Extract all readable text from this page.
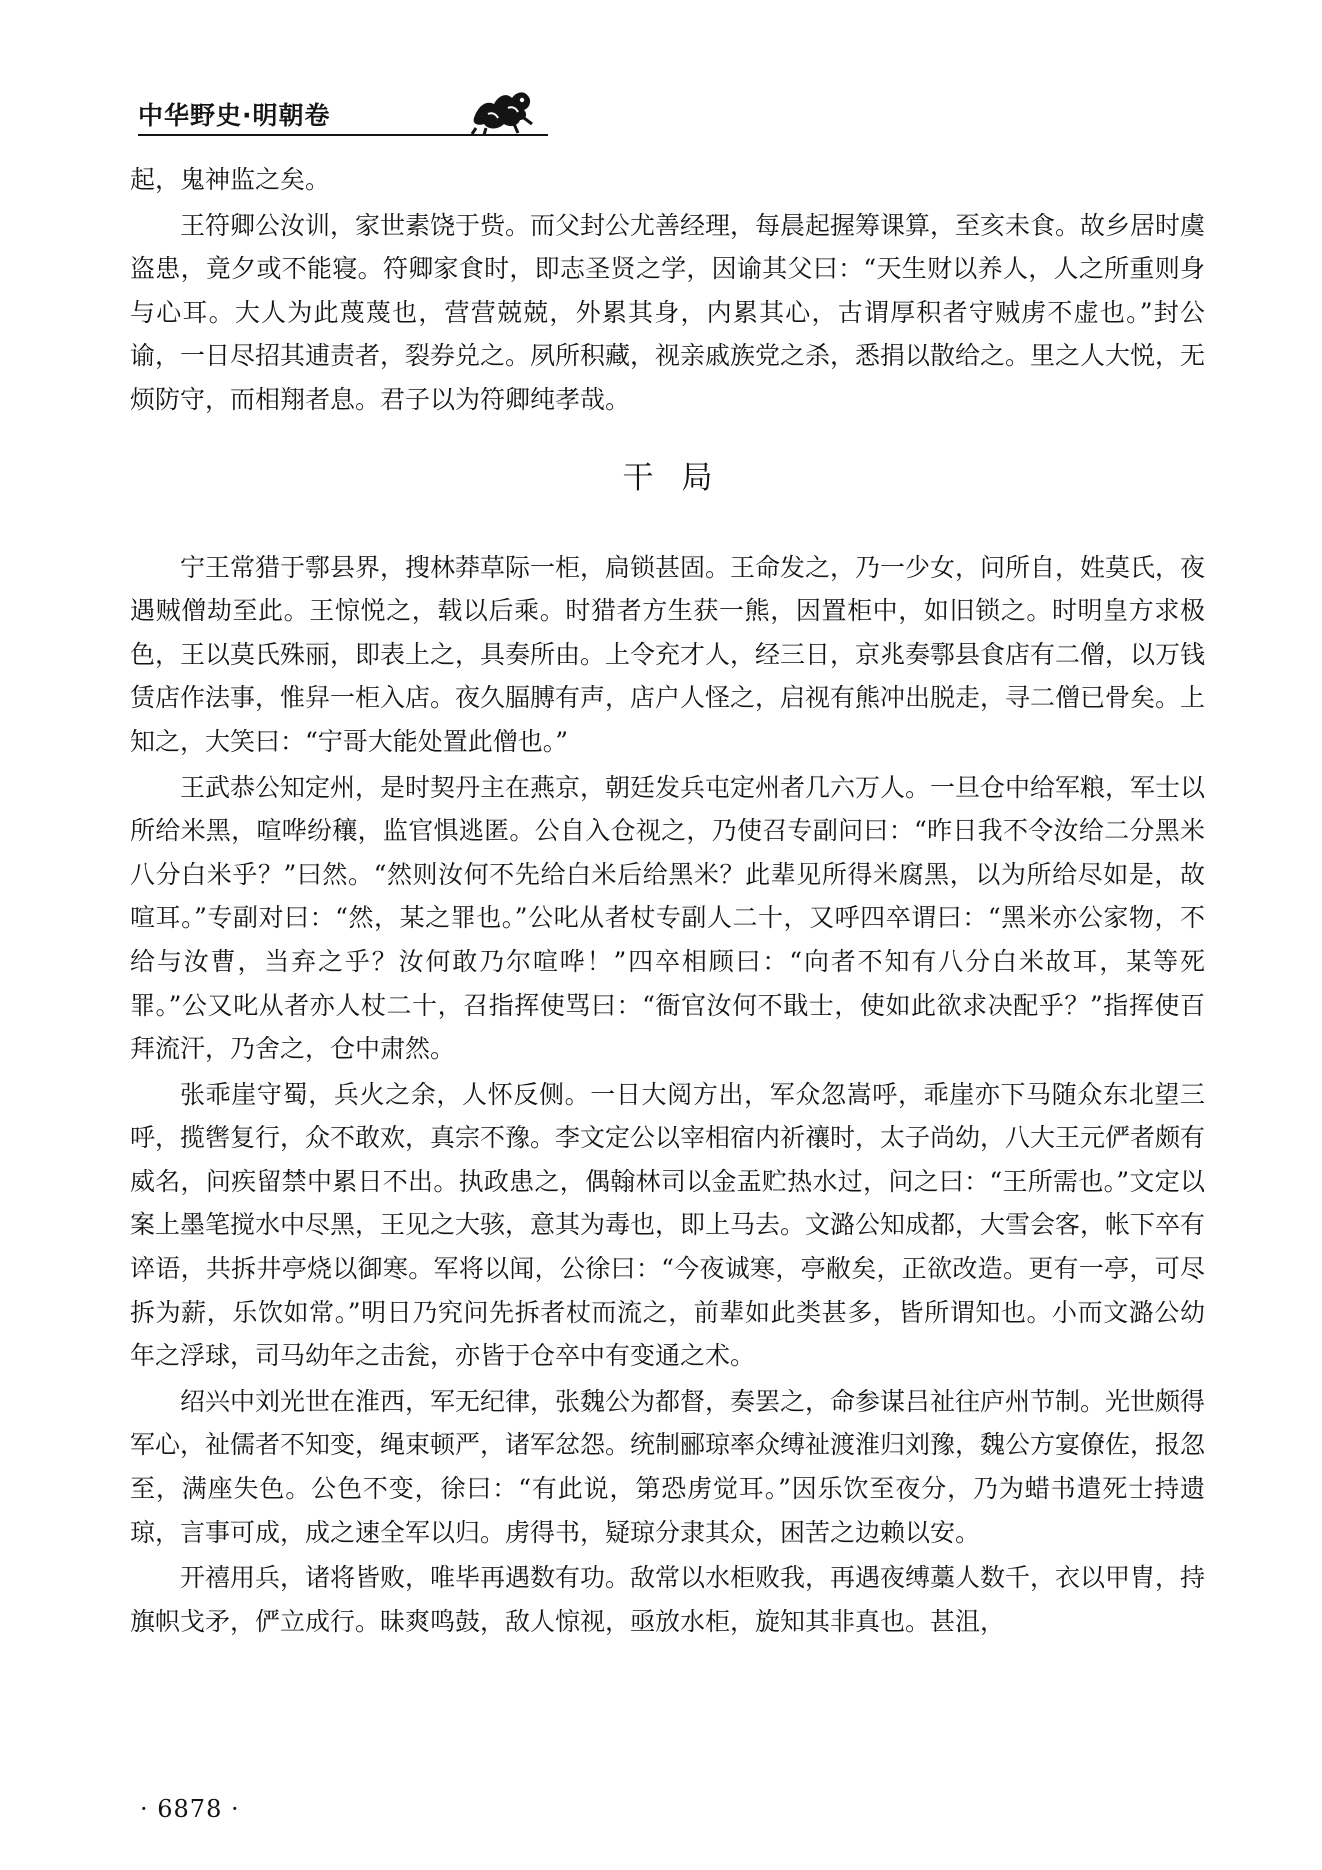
中华野史·明朝卷

起，鬼神监之矣。

王符卿公汝训，家世素饶于赀。而父封公尤善经理，每晨起握筹课算，至亥未食。故乡居时虞盗患，竟夕或不能寝。符卿家食时，即志圣贤之学，因谕其父曰：“天生财以养人，人之所重则身与心耳。大人为此蔑蔑也，营营兢兢，外累其身，内累其心，古谓厚积者守贼虏不虚也。”封公谕，一日尽招其逋责者，裂券兑之。夙所积藏，视亲戚族党之杀，悉捐以散给之。里之人大悦，无烦防守，而相翔者息。君子以为符卿纯孝哉。

干局

宁王常猎于鄠县界，搜林莽草际一柜，扃锁甚固。王命发之，乃一少女，问所自，姓莫氏，夜遇贼僧劫至此。王惊悦之，载以后乘。时猎者方生获一熊，因置柜中，如旧锁之。时明皇方求极色，王以莫氏殊丽，即表上之，具奏所由。上令充才人，经三日，京兆奏鄠县食店有二僧，以万钱赁店作法事，惟舁一柜入店。夜久腷膊有声，店户人怪之，启视有熊冲出脱走，寻二僧已骨矣。上知之，大笑曰：“宁哥大能处置此僧也。”

王武恭公知定州，是时契丹主在燕京，朝廷发兵屯定州者几六万人。一旦仓中给军粮，军士以所给米黑，喧哗纷穰，监官惧逃匿。公自入仓视之，乃使召专副问曰：“昨日我不令汝给二分黑米八分白米乎？”曰然。“然则汝何不先给白米后给黑米？此辈见所得米腐黑，以为所给尽如是，故喧耳。”专副对曰：“然，某之罪也。”公叱从者杖专副人二十，又呼四卒谓曰：“黑米亦公家物，不给与汝曹，当弃之乎？汝何敢乃尔喧哗！”四卒相顾曰：“向者不知有八分白米故耳，某等死罪。”公又叱从者亦人杖二十，召指挥使骂曰：“衙官汝何不戢士，使如此欲求决配乎？”指挥使百拜流汗，乃舍之，仓中肃然。

张乖崖守蜀，兵火之余，人怀反侧。一日大阅方出，军众忽嵩呼，乖崖亦下马随众东北望三呼，揽辔复行，众不敢欢，真宗不豫。李文定公以宰相宿内祈禳时，太子尚幼，八大王元俨者颇有威名，问疾留禁中累日不出。执政患之，偶翰林司以金盂贮热水过，问之曰：“王所需也。”文定以案上墨笔搅水中尽黑，王见之大骇，意其为毒也，即上马去。文潞公知成都，大雪会客，帐下卒有谇语，共拆井亭烧以御寒。军将以闻，公徐曰：“今夜诚寒，亭敝矣，正欲改造。更有一亭，可尽拆为薪，乐饮如常。”明日乃究问先拆者杖而流之，前辈如此类甚多，皆所谓知也。小而文潞公幼年之浮球，司马幼年之击瓮，亦皆于仓卒中有变通之术。

绍兴中刘光世在淮西，军无纪律，张魏公为都督，奏罢之，命参谋吕祉往庐州节制。光世颇得军心，祉儒者不知变，绳束顿严，诸军忿怨。统制郦琼率众缚祉渡淮归刘豫，魏公方宴僚佐，报忽至，满座失色。公色不变，徐曰：“有此说，第恐虏觉耳。”因乐饮至夜分，乃为蜡书遣死士持遗琼，言事可成，成之速全军以归。虏得书，疑琼分隶其众，困苦之边赖以安。

开禧用兵，诸将皆败，唯毕再遇数有功。敌常以水柜败我，再遇夜缚藁人数千，衣以甲胄，持旗帜戈矛，俨立成行。昧爽鸣鼓，敌人惊视，亟放水柜，旋知其非真也。甚沮，

· 6878 ·
